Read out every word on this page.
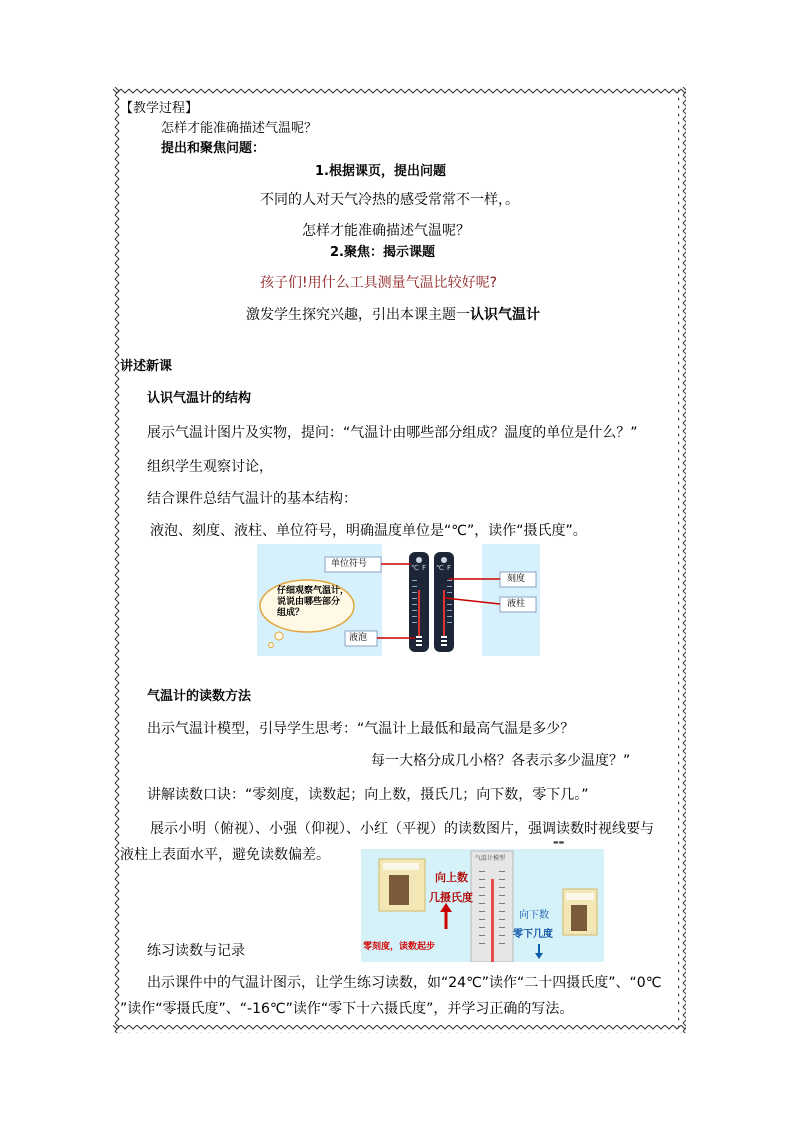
【教学过程】
怎样才能准确描述气温呢？
提出和聚焦问题：
1.根据课页，提出问题
不同的人对天气冷热的感受常常不一样，。
怎样才能准确描述气温呢？
2.聚焦：揭示课题
孩子们!用什么工具测量气温比较好呢?
激发学生探究兴趣，引出本课主题一认识气温计
讲述新课
认识气温计的结构
展示气温计图片及实物，提问：“气温计由哪些部分组成？温度的单位是什么？”
组织学生观察讨论，
结合课件总结气温计的基本结构：
液泡、刻度、液柱、单位符号，明确温度单位是“℃”，读作“摄氏度”。
仔细观察气温计，
说说由哪些部分
组成？
单位符号
液泡
刻度
液柱
℃ F ℃ F
气温计的读数方法
出示气温计模型，引导学生思考：“气温计上最低和最高气温是多少？
每一大格分成几小格？各表示多少温度？”
讲解读数口诀：“零刻度，读数起；向上数，摄氏几；向下数，零下几。”
展示小明（俯视）、小强（仰视）、小红（平视）的读数图片，强调读数时视线要与
液柱上表面水平，避免读数偏差。
向上数
几摄氏度
零刻度，读数起步
向下数
零下几度
气温计模型
▬▬
练习读数与记录
出示课件中的气温计图示，让学生练习读数，如“24℃”读作“二十四摄氏度”、“0℃
”读作“零摄氏度”、“-16℃”读作“零下十六摄氏度”，并学习正确的写法。
